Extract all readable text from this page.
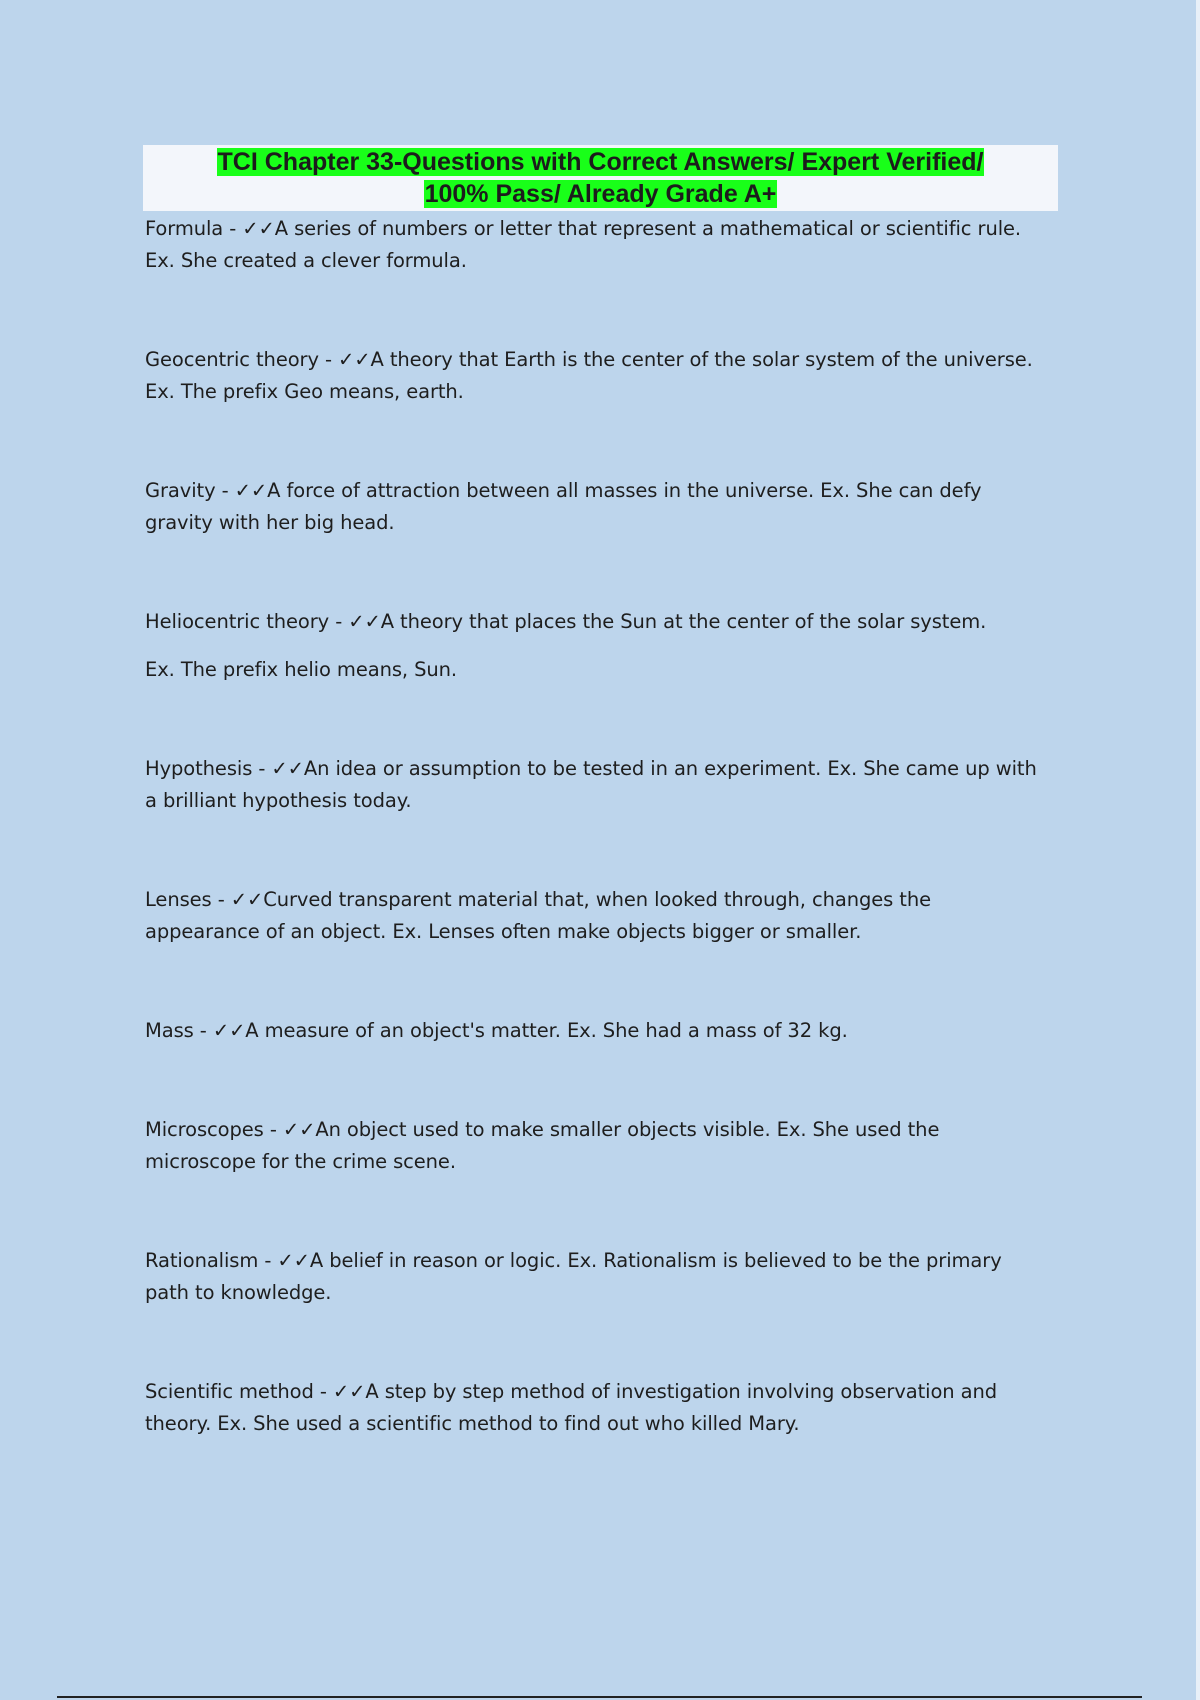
TCI Chapter 33-Questions with Correct Answers/ Expert Verified/
100% Pass/ Already Grade A+
Formula - ✓✓A series of numbers or letter that represent a mathematical or scientific rule.
Ex. She created a clever formula.
Geocentric theory - ✓✓A theory that Earth is the center of the solar system of the universe.
Ex. The prefix Geo means, earth.
Gravity - ✓✓A force of attraction between all masses in the universe. Ex. She can defy
gravity with her big head.
Heliocentric theory - ✓✓A theory that places the Sun at the center of the solar system.
Ex. The prefix helio means, Sun.
Hypothesis - ✓✓An idea or assumption to be tested in an experiment. Ex. She came up with
a brilliant hypothesis today.
Lenses - ✓✓Curved transparent material that, when looked through, changes the
appearance of an object. Ex. Lenses often make objects bigger or smaller.
Mass - ✓✓A measure of an object's matter. Ex. She had a mass of 32 kg.
Microscopes - ✓✓An object used to make smaller objects visible. Ex. She used the
microscope for the crime scene.
Rationalism - ✓✓A belief in reason or logic. Ex. Rationalism is believed to be the primary
path to knowledge.
Scientific method - ✓✓A step by step method of investigation involving observation and
theory. Ex. She used a scientific method to find out who killed Mary.
